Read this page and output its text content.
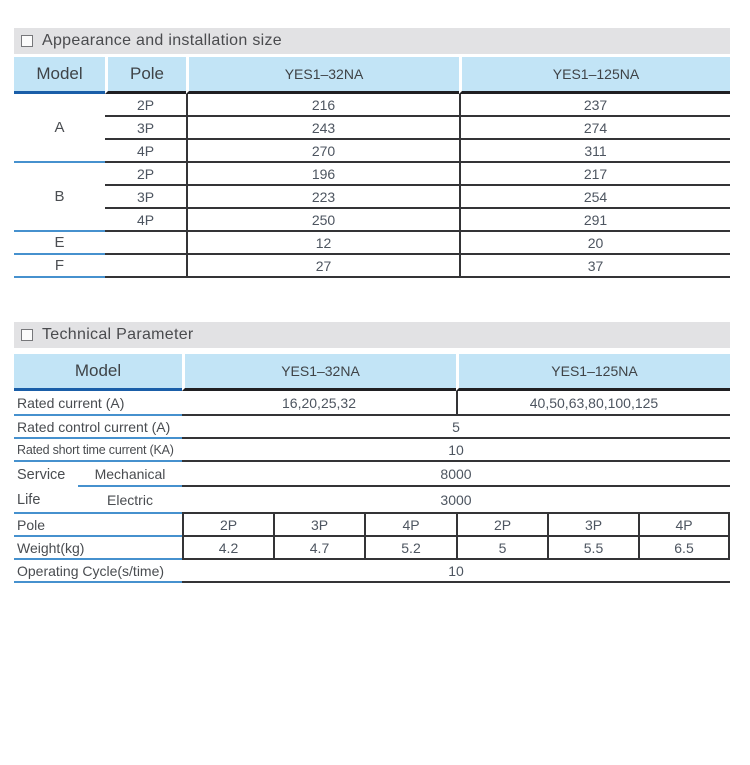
Appearance and installation size
Model	Pole	YES1–32NA	YES1–125NA
A	2P	216	237
	3P	243	274
	4P	270	311
B	2P	196	217
	3P	223	254
	4P	250	291
E		12	20
F		27	37
Technical Parameter
Model	YES1–32NA			YES1–125NA		
Rated current (A)	16,20,25,32			40,50,63,80,100,125		
Rated control current (A)	5					
Rated short time current (KA)	10					

Service Mechanical	8000					

Life Electric	3000					
Pole	2P	3P	4P	2P	3P	4P
Weight(kg)	4.2	4.7	5.2	5	5.5	6.5
Operating Cycle(s/time)	10					
